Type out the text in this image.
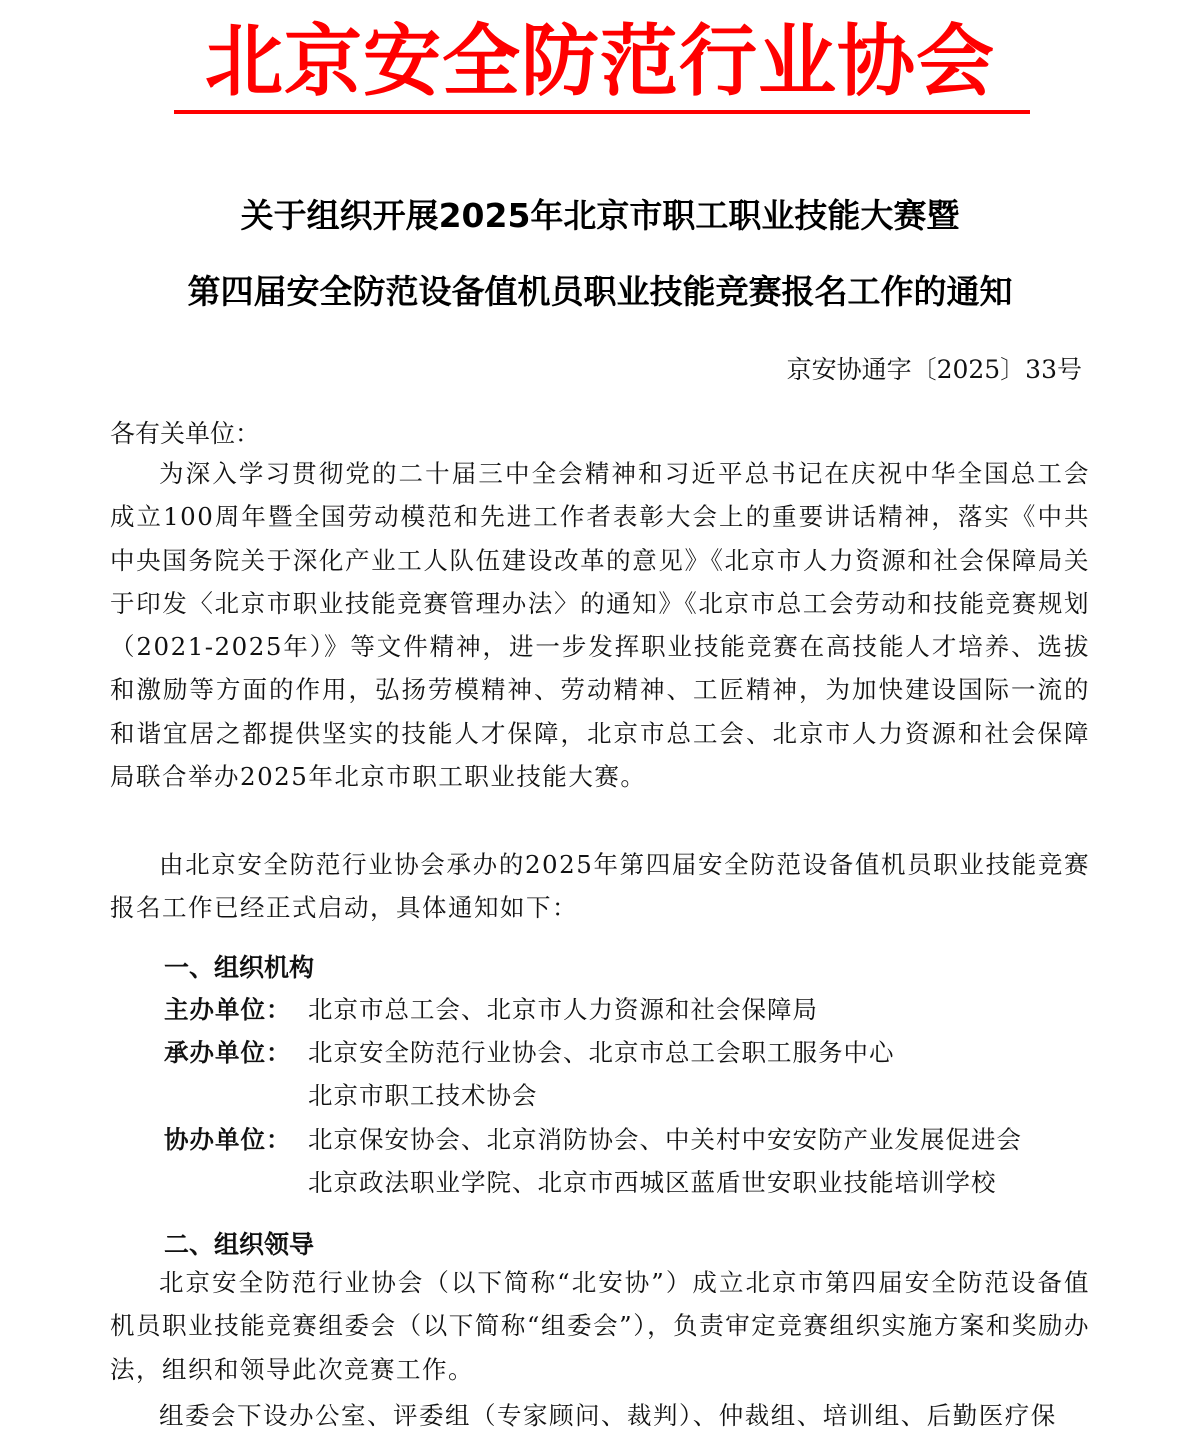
北京安全防范行业协会
关于组织开展2025年北京市职工职业技能大赛暨
第四届安全防范设备值机员职业技能竞赛报名工作的通知
京安协通字〔2025〕33号
各有关单位：
为深入学习贯彻党的二十届三中全会精神和习近平总书记在庆祝中华全国总工会成立100周年暨全国劳动模范和先进工作者表彰大会上的重要讲话精神，落实《中共中央国务院关于深化产业工人队伍建设改革的意见》《北京市人力资源和社会保障局关于印发〈北京市职业技能竞赛管理办法〉的通知》《北京市总工会劳动和技能竞赛规划（2021-2025年）》等文件精神，进一步发挥职业技能竞赛在高技能人才培养、选拔和激励等方面的作用，弘扬劳模精神、劳动精神、工匠精神，为加快建设国际一流的和谐宜居之都提供坚实的技能人才保障，北京市总工会、北京市人力资源和社会保障局联合举办2025年北京市职工职业技能大赛。
由北京安全防范行业协会承办的2025年第四届安全防范设备值机员职业技能竞赛报名工作已经正式启动，具体通知如下：
一、组织机构
主办单位： 北京市总工会、北京市人力资源和社会保障局
承办单位： 北京安全防范行业协会、北京市总工会职工服务中心
北京市职工技术协会
协办单位： 北京保安协会、北京消防协会、中关村中安安防产业发展促进会
北京政法职业学院、北京市西城区蓝盾世安职业技能培训学校
二、组织领导
北京安全防范行业协会（以下简称“北安协”）成立北京市第四届安全防范设备值机员职业技能竞赛组委会（以下简称“组委会”），负责审定竞赛组织实施方案和奖励办法，组织和领导此次竞赛工作。
组委会下设办公室、评委组（专家顾问、裁判）、仲裁组、培训组、后勤医疗保
